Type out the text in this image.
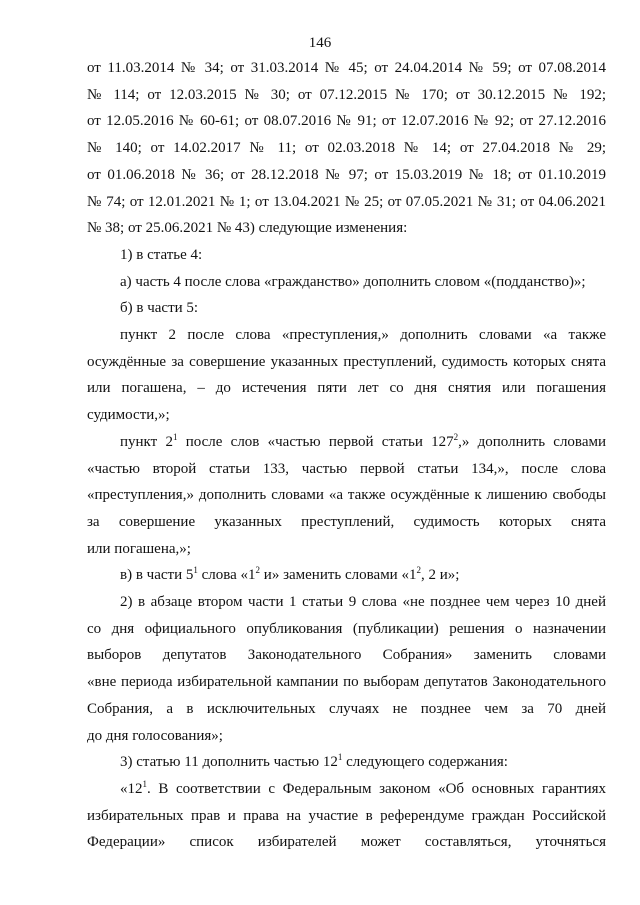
146

от 11.03.2014 № 34; от 31.03.2014 № 45; от 24.04.2014 № 59; от 07.08.2014

№ 114; от 12.03.2015 № 30; от 07.12.2015 № 170; от 30.12.2015 № 192;

от 12.05.2016 № 60-61; от 08.07.2016 № 91; от 12.07.2016 № 92; от 27.12.2016

№ 140; от 14.02.2017 № 11; от 02.03.2018 № 14; от 27.04.2018 № 29;

от 01.06.2018 № 36; от 28.12.2018 № 97; от 15.03.2019 № 18; от 01.10.2019

№ 74; от 12.01.2021 № 1; от 13.04.2021 № 25; от 07.05.2021 № 31; от 04.06.2021

№ 38; от 25.06.2021 № 43) следующие изменения:

1) в статье 4:

а) часть 4 после слова «гражданство» дополнить словом «(подданство)»;

б) в части 5:

пункт 2 после слова «преступления,» дополнить словами «а также

осуждённые за совершение указанных преступлений, судимость которых снята

или погашена, – до истечения пяти лет со дня снятия или погашения

судимости,»;

пункт $2^1$ после слов «частью первой статьи $127^2$,» дополнить словами

«частью второй статьи 133, частью первой статьи 134,», после слова

«преступления,» дополнить словами «а также осуждённые к лишению свободы

за совершение указанных преступлений, судимость которых снята

или погашена,»;

в) в части $5^1$ слова «$1^2$ и» заменить словами «$1^2$, 2 и»;

2) в абзаце втором части 1 статьи 9 слова «не позднее чем через 10 дней

со дня официального опубликования (публикации) решения о назначении

выборов депутатов Законодательного Собрания» заменить словами

«вне периода избирательной кампании по выборам депутатов Законодательного

Собрания, а в исключительных случаях не позднее чем за 70 дней

до дня голосования»;

3) статью 11 дополнить частью $12^1$ следующего содержания:

«$12^1$. В соответствии с Федеральным законом «Об основных гарантиях

избирательных прав и права на участие в референдуме граждан Российской

Федерации» список избирателей может составляться, уточняться
